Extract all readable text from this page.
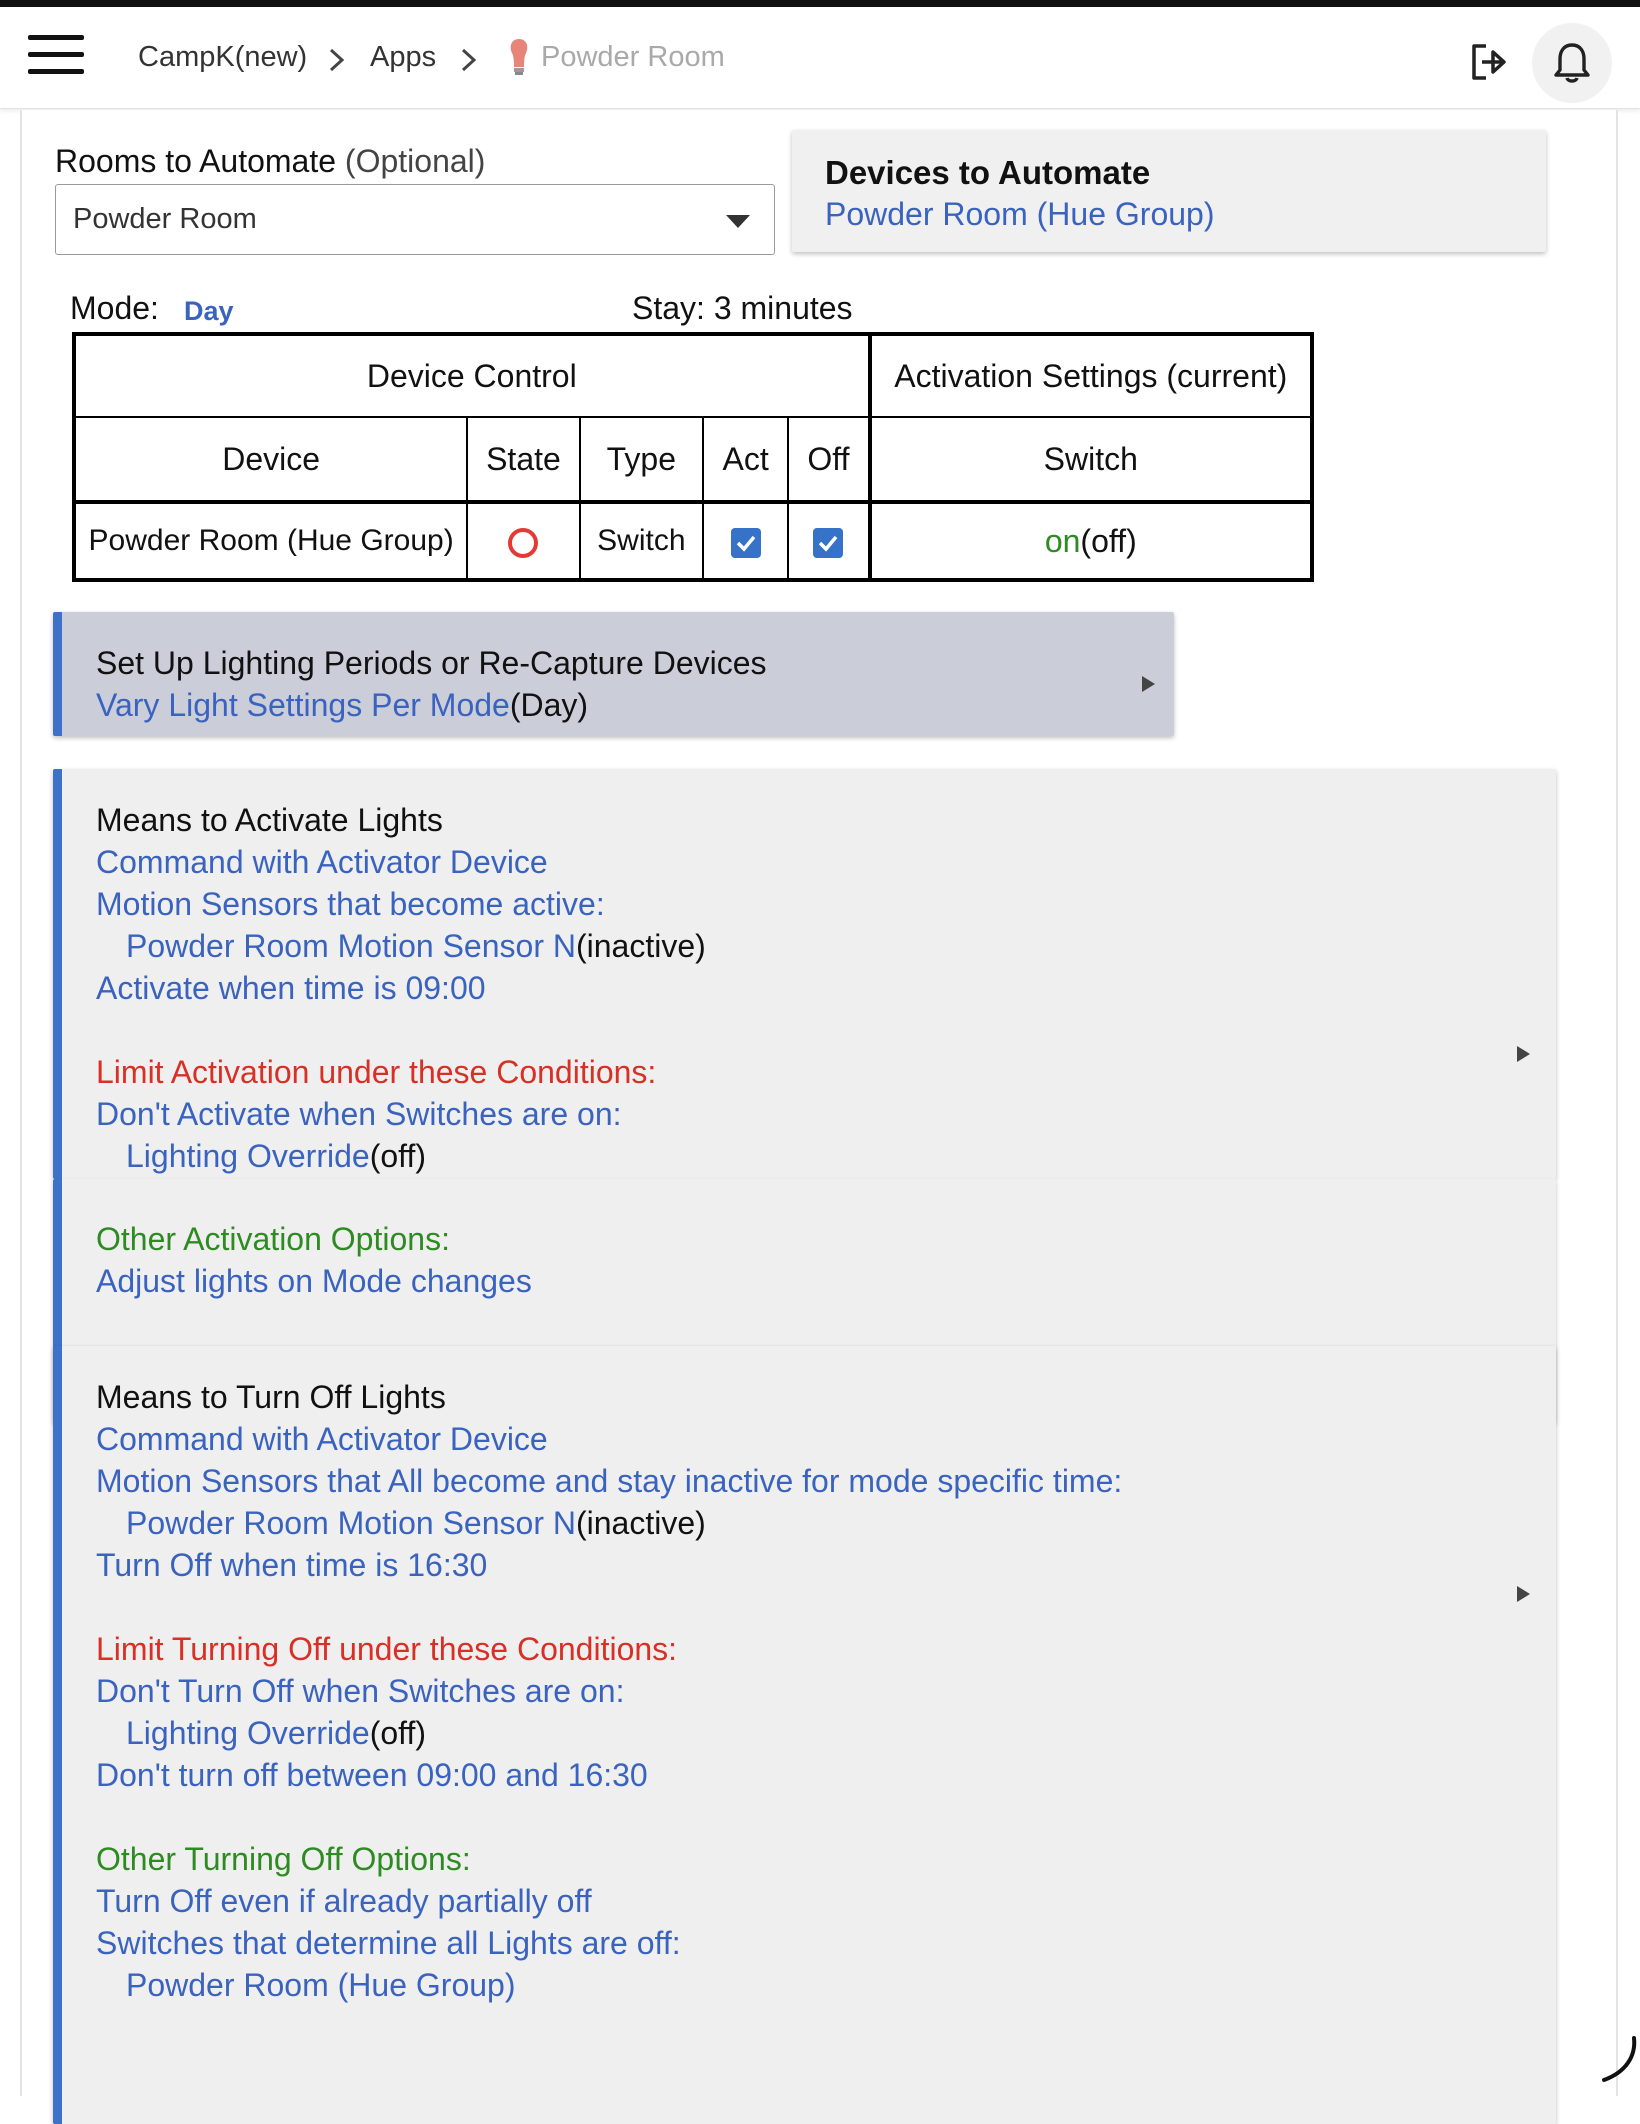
CampK(new) Apps	Powder Room
Rooms to Automate (Optional)
Powder Room
Devices to Automate
Powder Room (Hue Group)
Mode: Day	Stay: 3 minutes
Device Control					Activation Settings (current)
Device	State	Type	Act	Off	Switch
Powder Room (Hue Group)		Switch			on(off)
Set Up Lighting Periods or Re-Capture Devices
Vary Light Settings Per Mode(Day)
Means to Activate Lights
Command with Activator Device
Motion Sensors that become active:
Powder Room Motion Sensor N(inactive)
Activate when time is 09:00
Limit Activation under these Conditions:
Don't Activate when Switches are on:
Lighting Override(off)
Other Activation Options:
Adjust lights on Mode changes
Means to Turn Off Lights
Command with Activator Device
Motion Sensors that All become and stay inactive for mode specific time:
Powder Room Motion Sensor N(inactive)
Turn Off when time is 16:30
Limit Turning Off under these Conditions:
Don't Turn Off when Switches are on:
Lighting Override(off)
Don't turn off between 09:00 and 16:30
Other Turning Off Options:
Turn Off even if already partially off
Switches that determine all Lights are off:
Powder Room (Hue Group)
